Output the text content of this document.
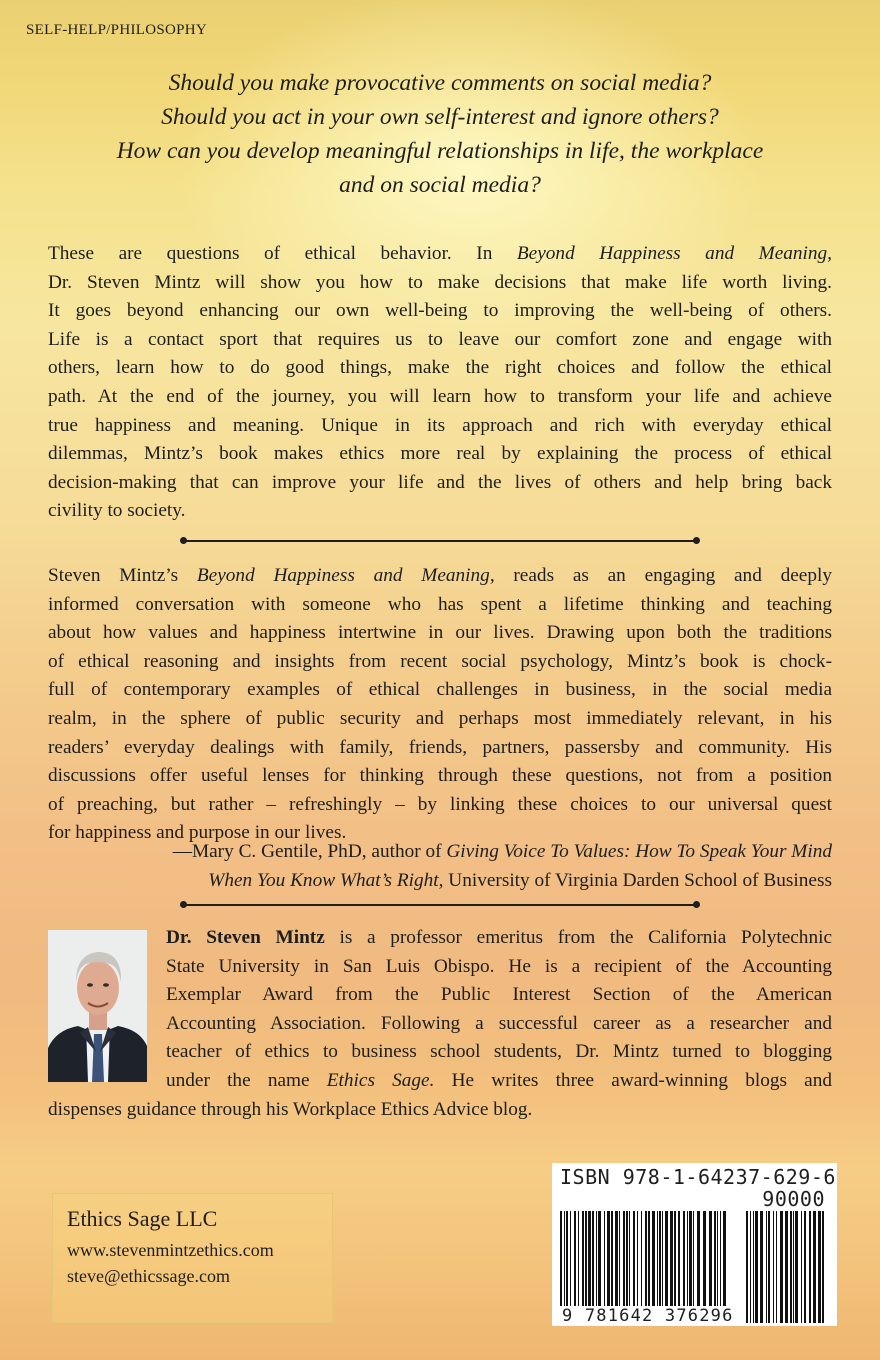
SELF-HELP/PHILOSOPHY
Should you make provocative comments on social media?
Should you act in your own self-interest and ignore others?
How can you develop meaningful relationships in life, the workplace
and on social media?
These are questions of ethical behavior. In Beyond Happiness and Meaning,
Dr. Steven Mintz will show you how to make decisions that make life worth living.
It goes beyond enhancing our own well-being to improving the well-being of others.
Life is a contact sport that requires us to leave our comfort zone and engage with
others, learn how to do good things, make the right choices and follow the ethical
path. At the end of the journey, you will learn how to transform your life and achieve
true happiness and meaning. Unique in its approach and rich with everyday ethical
dilemmas, Mintz’s book makes ethics more real by explaining the process of ethical
decision-making that can improve your life and the lives of others and help bring back
civility to society.
Steven Mintz’s Beyond Happiness and Meaning, reads as an engaging and deeply
informed conversation with someone who has spent a lifetime thinking and teaching
about how values and happiness intertwine in our lives. Drawing upon both the traditions
of ethical reasoning and insights from recent social psychology, Mintz’s book is chock-
full of contemporary examples of ethical challenges in business, in the social media
realm, in the sphere of public security and perhaps most immediately relevant, in his
readers’ everyday dealings with family, friends, partners, passersby and community. His
discussions offer useful lenses for thinking through these questions, not from a position
of preaching, but rather – refreshingly – by linking these choices to our universal quest
for happiness and purpose in our lives.
—Mary C. Gentile, PhD, author of Giving Voice To Values: How To Speak Your Mind
When You Know What’s Right, University of Virginia Darden School of Business
Dr. Steven Mintz is a professor emeritus from the California Polytechnic
State University in San Luis Obispo. He is a recipient of the Accounting
Exemplar Award from the Public Interest Section of the American
Accounting Association. Following a successful career as a researcher and
teacher of ethics to business school students, Dr. Mintz turned to blogging
under the name Ethics Sage. He writes three award-winning blogs and
dispenses guidance through his Workplace Ethics Advice blog.
Ethics Sage LLC
www.stevenmintzethics.com
steve@ethicssage.com
ISBN 978-1-64237-629-6
90000
9 781642 376296
